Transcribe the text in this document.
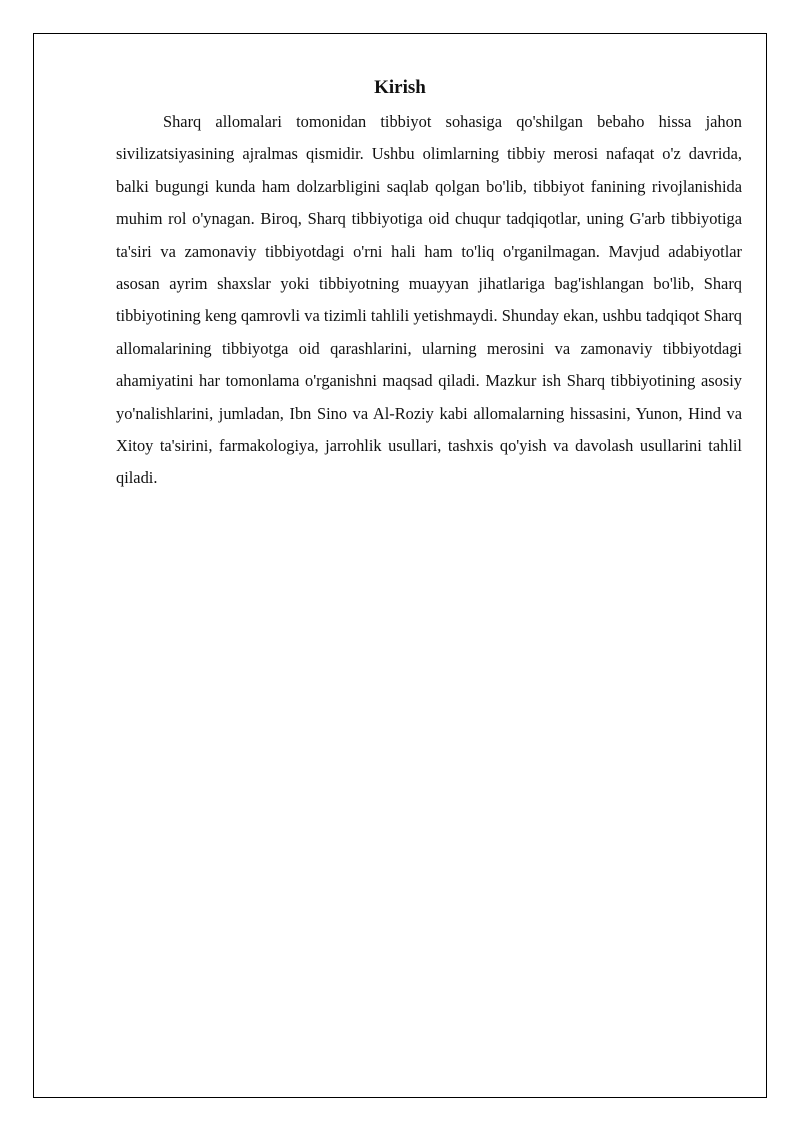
Kirish

Sharq allomalari tomonidan tibbiyot sohasiga qo'shilgan bebaho hissa jahon sivilizatsiyasining ajralmas qismidir. Ushbu olimlarning tibbiy merosi nafaqat o'z davrida, balki bugungi kunda ham dolzarbligini saqlab qolgan bo'lib, tibbiyot fanining rivojlanishida muhim rol o'ynagan. Biroq, Sharq tibbiyotiga oid chuqur tadqiqotlar, uning G'arb tibbiyotiga ta'siri va zamonaviy tibbiyotdagi o'rni hali ham to'liq o'rganilmagan. Mavjud adabiyotlar asosan ayrim shaxslar yoki tibbiyotning muayyan jihatlariga bag'ishlangan bo'lib, Sharq tibbiyotining keng qamrovli va tizimli tahlili yetishmaydi. Shunday ekan, ushbu tadqiqot Sharq allomalarining tibbiyotga oid qarashlarini, ularning merosini va zamonaviy tibbiyotdagi ahamiyatini har tomonlama o'rganishni maqsad qiladi. Mazkur ish Sharq tibbiyotining asosiy yo'nalishlarini, jumladan, Ibn Sino va Al-Roziy kabi allomalarning hissasini, Yunon, Hind va Xitoy ta'sirini, farmakologiya, jarrohlik usullari, tashxis qo'yish va davolash usullarini tahlil qiladi.
